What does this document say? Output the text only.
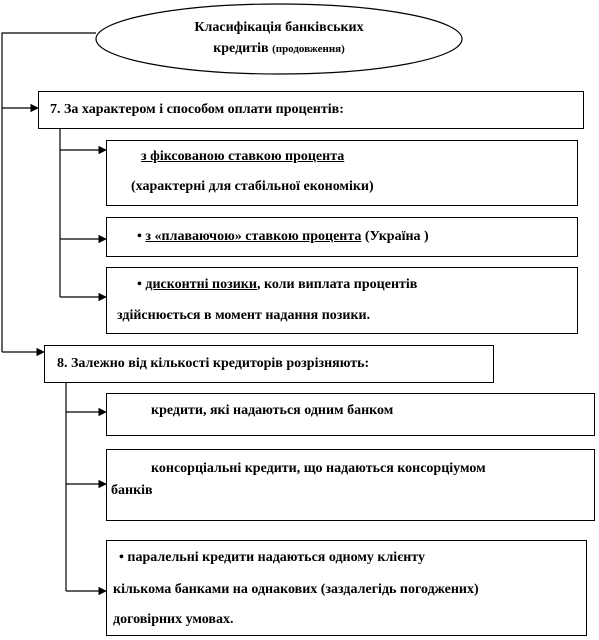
Класифікація банківських
кредитів (продовження)
7. За характером і способом оплати процентів:
з фіксованою ставкою процента
(характерні для стабільної економіки)
• з «плаваючою» ставкою процента (Україна )
• дисконтні позики, коли виплата процентів
здійснюється в момент надання позики.
8. Залежно від кількості кредиторів розрізняють:
кредити, які надаються одним банком
консорціальні кредити, що надаються консорціумом
банків
• паралельні кредити надаються одному клієнту
кількома банками на однакових (заздалегідь погоджених)
договірних умовах.
